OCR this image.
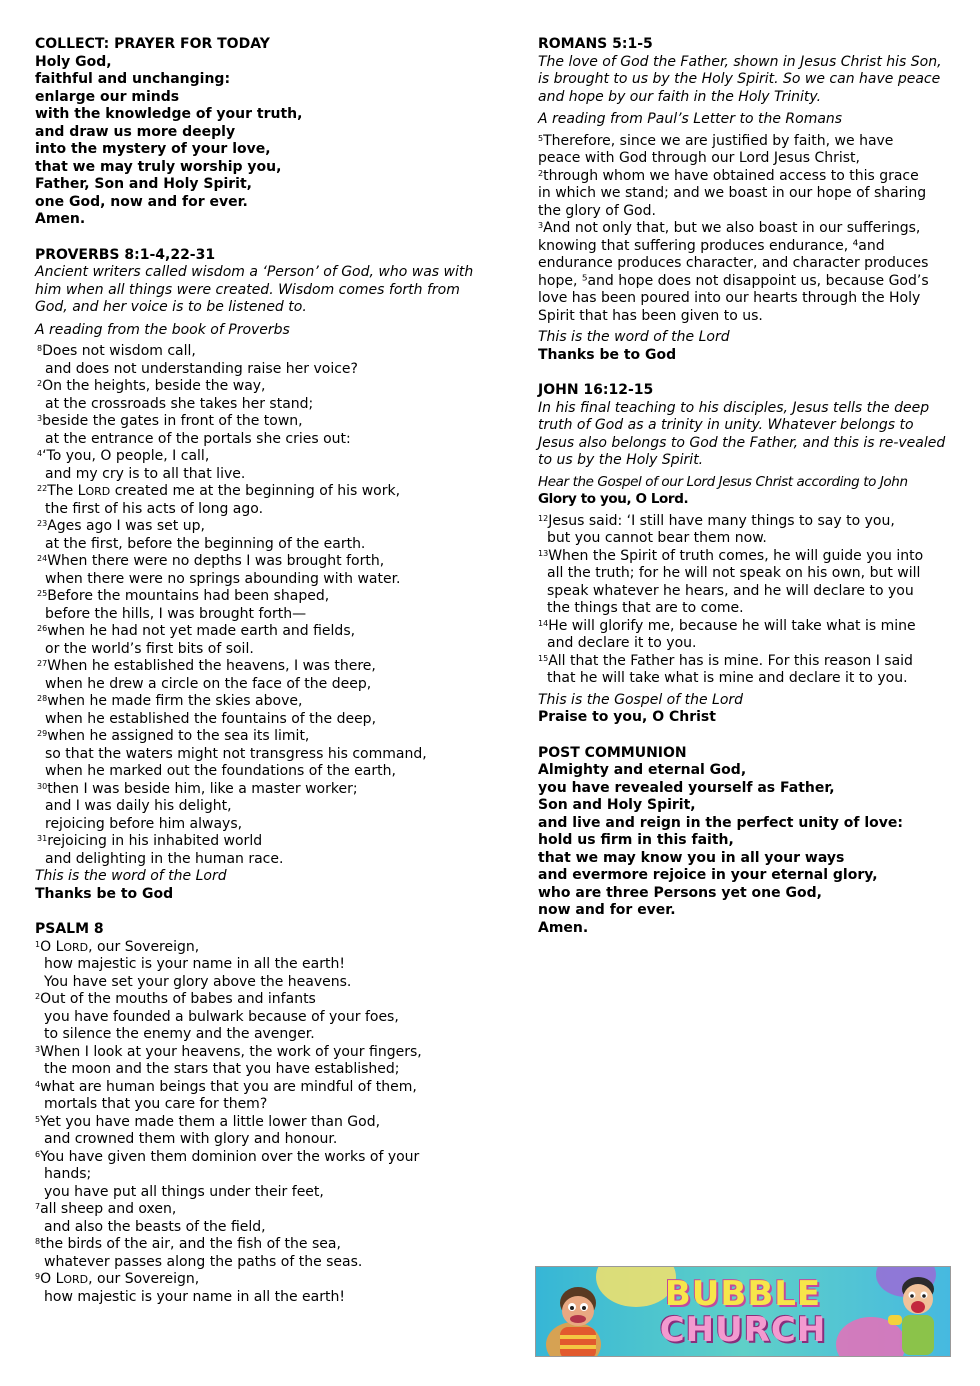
COLLECT: PRAYER FOR TODAY
Holy God,
faithful and unchanging:
enlarge our minds
with the knowledge of your truth,
and draw us more deeply
into the mystery of your love,
that we may truly worship you,
Father, Son and Holy Spirit,
one God, now and for ever.
Amen.
PROVERBS 8:1-4,22-31
Ancient writers called wisdom a ‘Person’ of God, who was with him when all things were created. Wisdom comes forth from God, and her voice is to be listened to.
A reading from the book of Proverbs
$^8$Does not wisdom call,
and does not understanding raise her voice?
$^2$On the heights, beside the way,
at the crossroads she takes her stand;
$^3$beside the gates in front of the town,
at the entrance of the portals she cries out:
$^4$‘To you, O people, I call,
and my cry is to all that live.
$^{22}$The LORD created me at the beginning of his work,
the first of his acts of long ago.
$^{23}$Ages ago I was set up,
at the first, before the beginning of the earth.
$^{24}$When there were no depths I was brought forth,
when there were no springs abounding with water.
$^{25}$Before the mountains had been shaped,
before the hills, I was brought forth—
$^{26}$when he had not yet made earth and fields,
or the world’s first bits of soil.
$^{27}$When he established the heavens, I was there,
when he drew a circle on the face of the deep,
$^{28}$when he made firm the skies above,
when he established the fountains of the deep,
$^{29}$when he assigned to the sea its limit,
so that the waters might not transgress his command,
when he marked out the foundations of the earth,
$^{30}$then I was beside him, like a master worker;
and I was daily his delight,
rejoicing before him always,
$^{31}$rejoicing in his inhabited world
and delighting in the human race.
This is the word of the Lord
Thanks be to God
PSALM 8
$^1$O LORD, our Sovereign,
how majestic is your name in all the earth!
You have set your glory above the heavens.
$^2$Out of the mouths of babes and infants
you have founded a bulwark because of your foes,
to silence the enemy and the avenger.
$^3$When I look at your heavens, the work of your fingers,
the moon and the stars that you have established;
$^4$what are human beings that you are mindful of them,
mortals that you care for them?
$^5$Yet you have made them a little lower than God,
and crowned them with glory and honour.
$^6$You have given them dominion over the works of your
hands;
you have put all things under their feet,
$^7$all sheep and oxen,
and also the beasts of the field,
$^8$the birds of the air, and the fish of the sea,
whatever passes along the paths of the seas.
$^9$O LORD, our Sovereign,
how majestic is your name in all the earth!
ROMANS 5:1-5
The love of God the Father, shown in Jesus Christ his Son, is brought to us by the Holy Spirit. So we can have peace and hope by our faith in the Holy Trinity.
A reading from Paul’s Letter to the Romans
$^5$Therefore, since we are justified by faith, we have
peace with God through our Lord Jesus Christ,
$^2$through whom we have obtained access to this grace
in which we stand; and we boast in our hope of sharing
the glory of God.
$^3$And not only that, but we also boast in our sufferings,
knowing that suffering produces endurance, ⁴and
endurance produces character, and character produces
hope, ⁵and hope does not disappoint us, because God’s
love has been poured into our hearts through the Holy
Spirit that has been given to us.
This is the word of the Lord
Thanks be to God
JOHN 16:12-15
In his final teaching to his disciples, Jesus tells the deep truth of God as a trinity in unity. Whatever belongs to Jesus also belongs to God the Father, and this is re-vealed to us by the Holy Spirit.
Hear the Gospel of our Lord Jesus Christ according to John
Glory to you, O Lord.
$^{12}$Jesus said: ‘I still have many things to say to you,
but you cannot bear them now.
$^{13}$When the Spirit of truth comes, he will guide you into
all the truth; for he will not speak on his own, but will
speak whatever he hears, and he will declare to you
the things that are to come.
$^{14}$He will glorify me, because he will take what is mine
and declare it to you.
$^{15}$All that the Father has is mine. For this reason I said
that he will take what is mine and declare it to you.
This is the Gospel of the Lord
Praise to you, O Christ
POST COMMUNION
Almighty and eternal God,
you have revealed yourself as Father,
Son and Holy Spirit,
and live and reign in the perfect unity of love:
hold us firm in this faith,
that we may know you in all your ways
and evermore rejoice in your eternal glory,
who are three Persons yet one God,
now and for ever.
Amen.
BUBBLE
CHURCH
